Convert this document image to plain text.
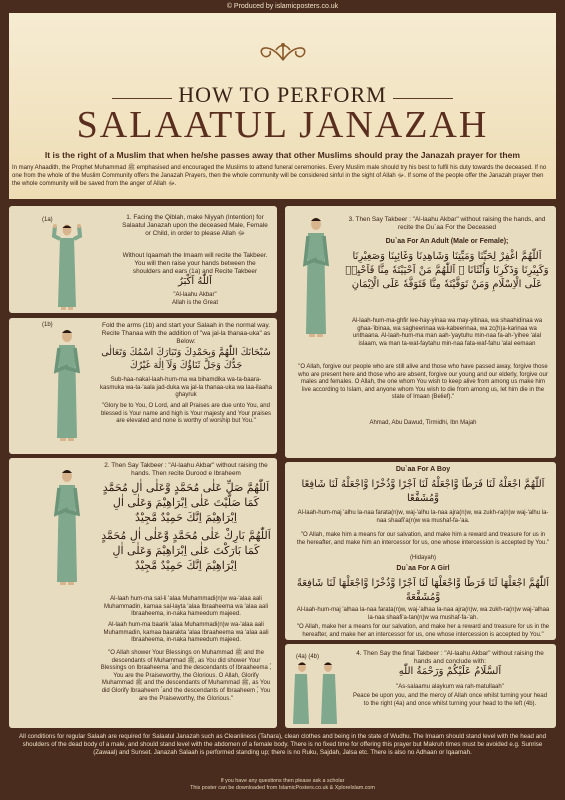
© Produced by islamicposters.co.uk
HOW TO PERFORM
SALAATUL JANAZAH
It is the right of a Muslim that when he/she passes away that other Muslims should pray the Janazah prayer for them
In many Ahaadith, the Prophet Muhammad ﷺ emphasised and encouraged the Muslims to attend funeral ceremonies. Every Muslim male should try his best to fulfil his duty towards the deceased. If no one from the whole of the Muslim Community offers the Janazah Prayers, then the whole community will be considered sinful in the sight of Allah ﷻ. If some of the people offer the Janazah prayer then the whole community will be saved from the anger of Allah ﷻ.
(1a)
(1b)
(4a) (4b)
1. Facing the Qiblah, make Niyyah (Intention) for Salaatul Janazah upon the deceased Male, Female or Child, in order to please Allah ﷻ
Without Iqaamah the Imaam will recite the Takbeer. You will then raise your hands between the shoulders and ears (1a) and Recite Takbeer
اَللّٰهُ اَكْبَرُ
"Al-laahu Akbar"
Allah is the Great
Fold the arms (1b) and start your Salaah in the normal way. Recite Thanaa with the addition of "wa jal-la thanaa-uka" as Below:
سُبْحَانَكَ اللّٰهُمَّ وَبِحَمْدِكَ وَتَبَارَكَ اسْمُكَ وَتَعَالٰى جَدُّكَ وَجَلَّ ثَنَاؤُكَ وَلَآ اِلٰهَ غَيْرُكَ
Sub-haa-nakal-laah-hum-ma wa bihamdika wa-ta-baara-kasmuka wa-ta-'aala jad-duka wa jal-la thanaa-uka wa laa-ilaaha ghayruk
"Glory be to You, O Lord, and all Praises are due unto You, and blessed is Your name and high is Your majesty and Your praises are elevated and none is worthy of worship but You."
2. Then Say Takbeer : "Al-laahu Akbar" without raising the hands. Then recite Durood e Ibraheem
اَللّٰهُمَّ صَلِّ عَلٰى مُحَمَّدٍ وَّعَلٰى اٰلِ مُحَمَّدٍ كَمَا صَلَّيْتَ عَلٰى اِبْرَاهِيْمَ وَعَلٰى اٰلِ اِبْرَاهِيْمَ اِنَّكَ حَمِيْدٌ مَّجِيْدٌ
اَللّٰهُمَّ بَارِكْ عَلٰى مُحَمَّدٍ وَّعَلٰى اٰلِ مُحَمَّدٍ كَمَا بَارَكْتَ عَلٰى اِبْرَاهِيْمَ وَعَلٰى اٰلِ اِبْرَاهِيْمَ اِنَّكَ حَمِيْدٌ مَّجِيْدٌ
Al-laah hum-ma sal-li 'alaa Muhammadi(n)w wa-'alaa aali Muhammadin, kamaa sal-layta 'alaa Ibraaheema wa 'alaa aali Ibraaheema, in-naka hameedum majeed.
Al-laah hum-ma baarik 'alaa Muhammadi(n)w wa-'alaa aali Muhammadin, kamaa baarakta 'alaa Ibraaheema wa 'alaa aali Ibraaheema, in-naka hameedum majeed.
"O Allah shower Your Blessings on Muhammad ﷺ and the descendants of Muhammad ﷺ, as You did shower Your Blessings on Ibraaheema ؑ and the descendants of Ibraaheema ؑ, You are the Praiseworthy, the Glorious. O Allah, Glorify Muhammad ﷺ and the descendants of Muhammad ﷺ, as You did Glorify Ibraaheem ؑ and the descendants of Ibraaheem ؑ, You are the Praiseworthy, the Glorious."
3. Then Say Takbeer : "Al-laahu Akbar" without raising the hands, and recite the Du`aa For the Deceased
Du`aa For An Adult (Male or Female);
اَللّٰهُمَّ اغْفِرْ لِحَيِّنَا وَمَيِّتِنَا وَشَاهِدِنَا وَغَائِبِنَا وَصَغِيْرِنَا وَكَبِيْرِنَا وَذَكَرِنَا وَاُنْثَانَا ۔ اَللّٰهُمَّ مَنْ اَحْيَيْتَهٗ مِنَّا فَاَحْيِهٖ عَلَى الْاِسْلَامِ وَمَنْ تَوَفَّيْتَهٗ مِنَّا فَتَوَفَّهٗ عَلَى الْاِيْمَانِ
Al-laah-hum-ma-ghfir lee-hay-yinaa wa may-yitinaa, wa shaahidinaa wa ghaa-'ibinaa, wa sagheerinaa wa-kabeerinaa, wa zc(h)a-karinaa wa unthaana. Al-laah-hum-ma man aah-'yaytuhu min-naa fa-ah-'yihee 'alal islaam, wa man ta-wat-faytahu min-naa fata-waf-fahu 'alal eemaan
"O Allah, forgive our people who are still alive and those who have passed away, forgive those who are present here and those who are absent, forgive our young and our elderly, forgive our males and females. O Allah, the one whom You wish to keep alive from among us make him live according to Islam, and anyone whom You wish to die from among us, let him die in the state of Imaan (Belief)."
Ahmad, Abu Dawud, Tirmidhi, Ibn Majah
Du`aa For A Boy
اَللّٰهُمَّ اجْعَلْهُ لَنَا فَرَطًا وَّاجْعَلْهُ لَنَا اَجْرًا وَّذُخْرًا وَّاجْعَلْهُ لَنَا شَافِعًا وَّمُشَفَّعًا
Al-laah-hum-maj 'alhu la-naa farata(n)w, waj-'alhu la-naa ajra(n)w, wa zukh-ra(n)w waj-'alhu la-naa shaafi'a(n)w wa mushaf-fa-'aa.
"O Allah, make him a means for our salvation, and make him a reward and treasure for us in the hereafter, and make him an intercessor for us, one whose intercession is accepted by You."
(Hidayah)
Du`aa For A Girl
اَللّٰهُمَّ اجْعَلْهَا لَنَا فَرَطًا وَّاجْعَلْهَا لَنَا اَجْرًا وَّذُخْرًا وَّاجْعَلْهَا لَنَا شَافِعَةً وَّمُشَفَّعَةً
Al-laah-hum-maj 'alhaa la-naa farata(n)w, waj-'alhaa la-naa ajra(n)w, wa zukh-ra(n)w waj-'alhaa la-naa shaafi'a-tan(n)w wa mushaf-fa-'ah.
"O Allah, make her a means for our salvation, and make her a reward and treasure for us in the hereafter, and make her an intercessor for us, one whose intercession is accepted by You."
4. Then Say the final Takbeer : "Al-laahu Akbar" without raising the hands and conclude with:
اَلسَّلَامُ عَلَيْكُمْ وَرَحْمَةُ اللّٰهِ
"As-salaamu alaykum wa rah-matullaah"
Peace be upon you, and the mercy of Allah once whilst turning your head to the right (4a) and once whilst turning your head to the left (4b).
All conditions for regular Salaah are required for Salaatul Janazah such as Cleanliness (Tahara), clean clothes and being in the state of Wudhu. The Imaam should stand level with the head and shoulders of the dead body of a male, and should stand level with the abdomen of a female body. There is no fixed time for offering this prayer but Makruh times must be avoided e.g. Sunrise (Zawaal) and Sunset. Janazah Salaah is performed standing up; there is no Ruku, Sajdah, Jalsa etc. There is also no Adhaan or Iqaamah.
If you have any questions then please ask a scholar
This poster can be downloaded from IslamicPosters.co.uk & XploreIslam.com
